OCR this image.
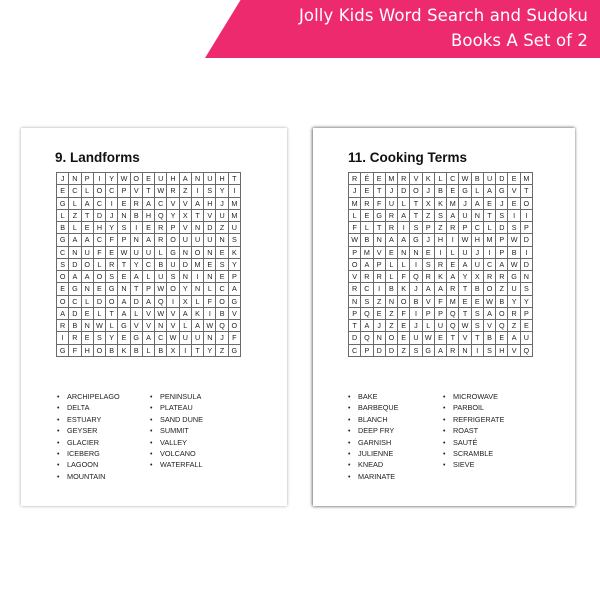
Jolly Kids Word Search and Sudoku
Books A Set of 2
9. Landforms
J	N	P	I	Y	W	O	E	U	H	A	N	U	H	T
E	C	L	O	C	P	V	T	W	R	Z	I	S	Y	I
G	L	A	C	I	E	R	A	C	V	V	A	H	J	M
L	Z	T	D	J	N	B	H	Q	Y	X	T	V	U	M
B	L	E	H	Y	S	I	E	R	P	V	N	D	Z	U
G	A	A	C	F	P	N	A	R	O	U	U	U	N	S
C	N	U	F	E	W	U	U	L	G	N	O	N	E	K
S	D	O	L	R	T	Y	C	B	U	D	M	E	S	Y
O	A	A	O	S	E	A	L	U	S	N	I	N	E	P
E	G	N	E	G	N	T	P	W	O	Y	N	L	C	A
O	C	L	D	O	A	D	A	Q	I	X	L	F	O	G
A	D	E	L	T	A	L	V	W	V	A	K	I	B	V
R	B	N	W	L	G	V	V	N	V	L	A	W	Q	O
I	R	E	S	Y	E	G	A	C	W	U	U	N	J	F
G	F	H	O	B	K	B	L	B	X	I	T	Y	Z	G
• ARCHIPELAGO
• DELTA
• ESTUARY
• GEYSER
• GLACIER
• ICEBERG
• LAGOON
• MOUNTAIN
• PENINSULA
• PLATEAU
• SAND DUNE
• SUMMIT
• VALLEY
• VOLCANO
• WATERFALL
11. Cooking Terms
R	É	E	M	R	V	K	L	C	W	B	U	D	E	M
J	E	T	J	D	O	J	B	E	G	L	A	G	V	T
M	R	F	U	L	T	X	K	M	J	A	E	J	E	O
L	E	G	R	A	T	Z	S	A	U	N	T	S	I	I
F	L	T	R	I	S	P	Z	R	P	C	L	D	S	P
W	B	N	A	A	G	J	H	I	W	H	M	P	W	D
P	M	V	E	N	N	E	I	L	U	J	I	P	B	I
O	A	P	L	L	I	S	R	E	A	U	C	A	W	D
V	R	R	L	F	Q	R	K	A	Y	X	R	R	G	N
R	C	I	B	K	J	A	A	R	T	B	O	Z	U	S
N	S	Z	N	O	B	V	F	M	E	E	W	B	Y	Y
P	Q	E	Z	F	I	P	P	Q	T	S	A	O	R	P
T	A	J	Z	E	J	L	U	Q	W	S	V	Q	Z	E
D	Q	N	O	E	U	W	E	T	V	T	B	E	A	U
C	P	D	D	Z	S	G	A	R	N	I	S	H	V	Q
• BAKE
• BARBEQUE
• BLANCH
• DEEP FRY
• GARNISH
• JULIENNE
• KNEAD
• MARINATE
• MICROWAVE
• PARBOIL
• REFRIGERATE
• ROAST
• SAUTÉ
• SCRAMBLE
• SIEVE
